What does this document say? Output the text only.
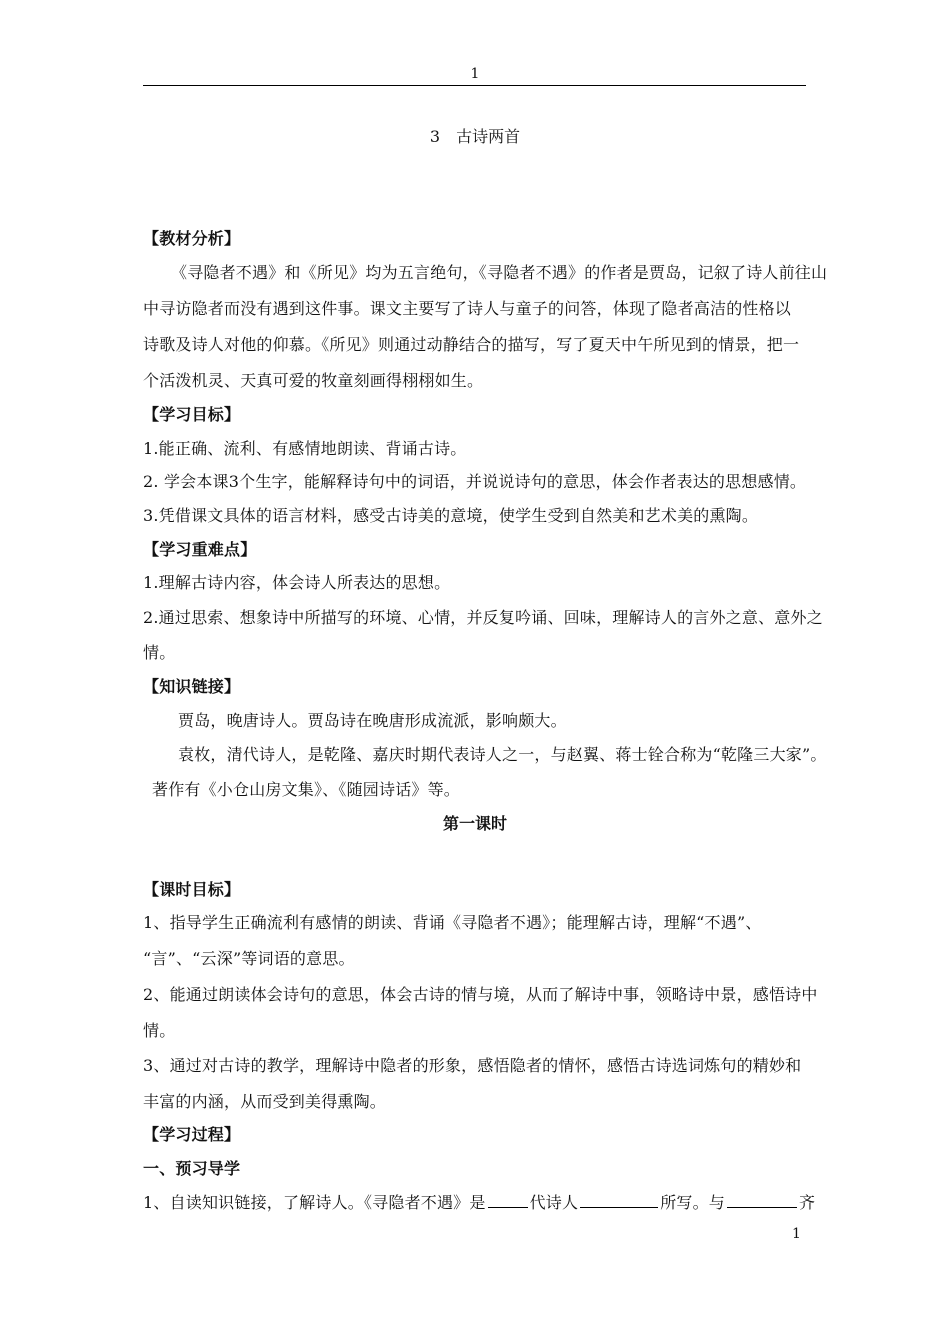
1
3　古诗两首
【教材分析】
《寻隐者不遇》和《所见》均为五言绝句，《寻隐者不遇》的作者是贾岛，记叙了诗人前往山
中寻访隐者而没有遇到这件事。课文主要写了诗人与童子的问答，体现了隐者高洁的性格以
诗歌及诗人对他的仰慕。《所见》则通过动静结合的描写，写了夏天中午所见到的情景，把一
个活泼机灵、天真可爱的牧童刻画得栩栩如生。
【学习目标】
1.能正确、流利、有感情地朗读、背诵古诗。
2. 学会本课3个生字，能解释诗句中的词语，并说说诗句的意思，体会作者表达的思想感情。
3.凭借课文具体的语言材料，感受古诗美的意境，使学生受到自然美和艺术美的熏陶。
【学习重难点】
1.理解古诗内容，体会诗人所表达的思想。
2.通过思索、想象诗中所描写的环境、心情，并反复吟诵、回味，理解诗人的言外之意、意外之
情。
【知识链接】
贾岛，晚唐诗人。贾岛诗在晚唐形成流派，影响颇大。
袁枚，清代诗人，是乾隆、嘉庆时期代表诗人之一，与赵翼、蒋士铨合称为“乾隆三大家”。
著作有《小仓山房文集》、《随园诗话》等。
第一课时
【课时目标】
1、指导学生正确流利有感情的朗读、背诵《寻隐者不遇》；能理解古诗，理解“不遇”、
“言”、“云深”等词语的意思。
2、能通过朗读体会诗句的意思，体会古诗的情与境，从而了解诗中事，领略诗中景，感悟诗中
情。
3、通过对古诗的教学，理解诗中隐者的形象，感悟隐者的情怀，感悟古诗选词炼句的精妙和
丰富的内涵，从而受到美得熏陶。
【学习过程】
一、预习导学
1、自读知识链接，了解诗人。《寻隐者不遇》是	代诗人	所写。与	齐
1
